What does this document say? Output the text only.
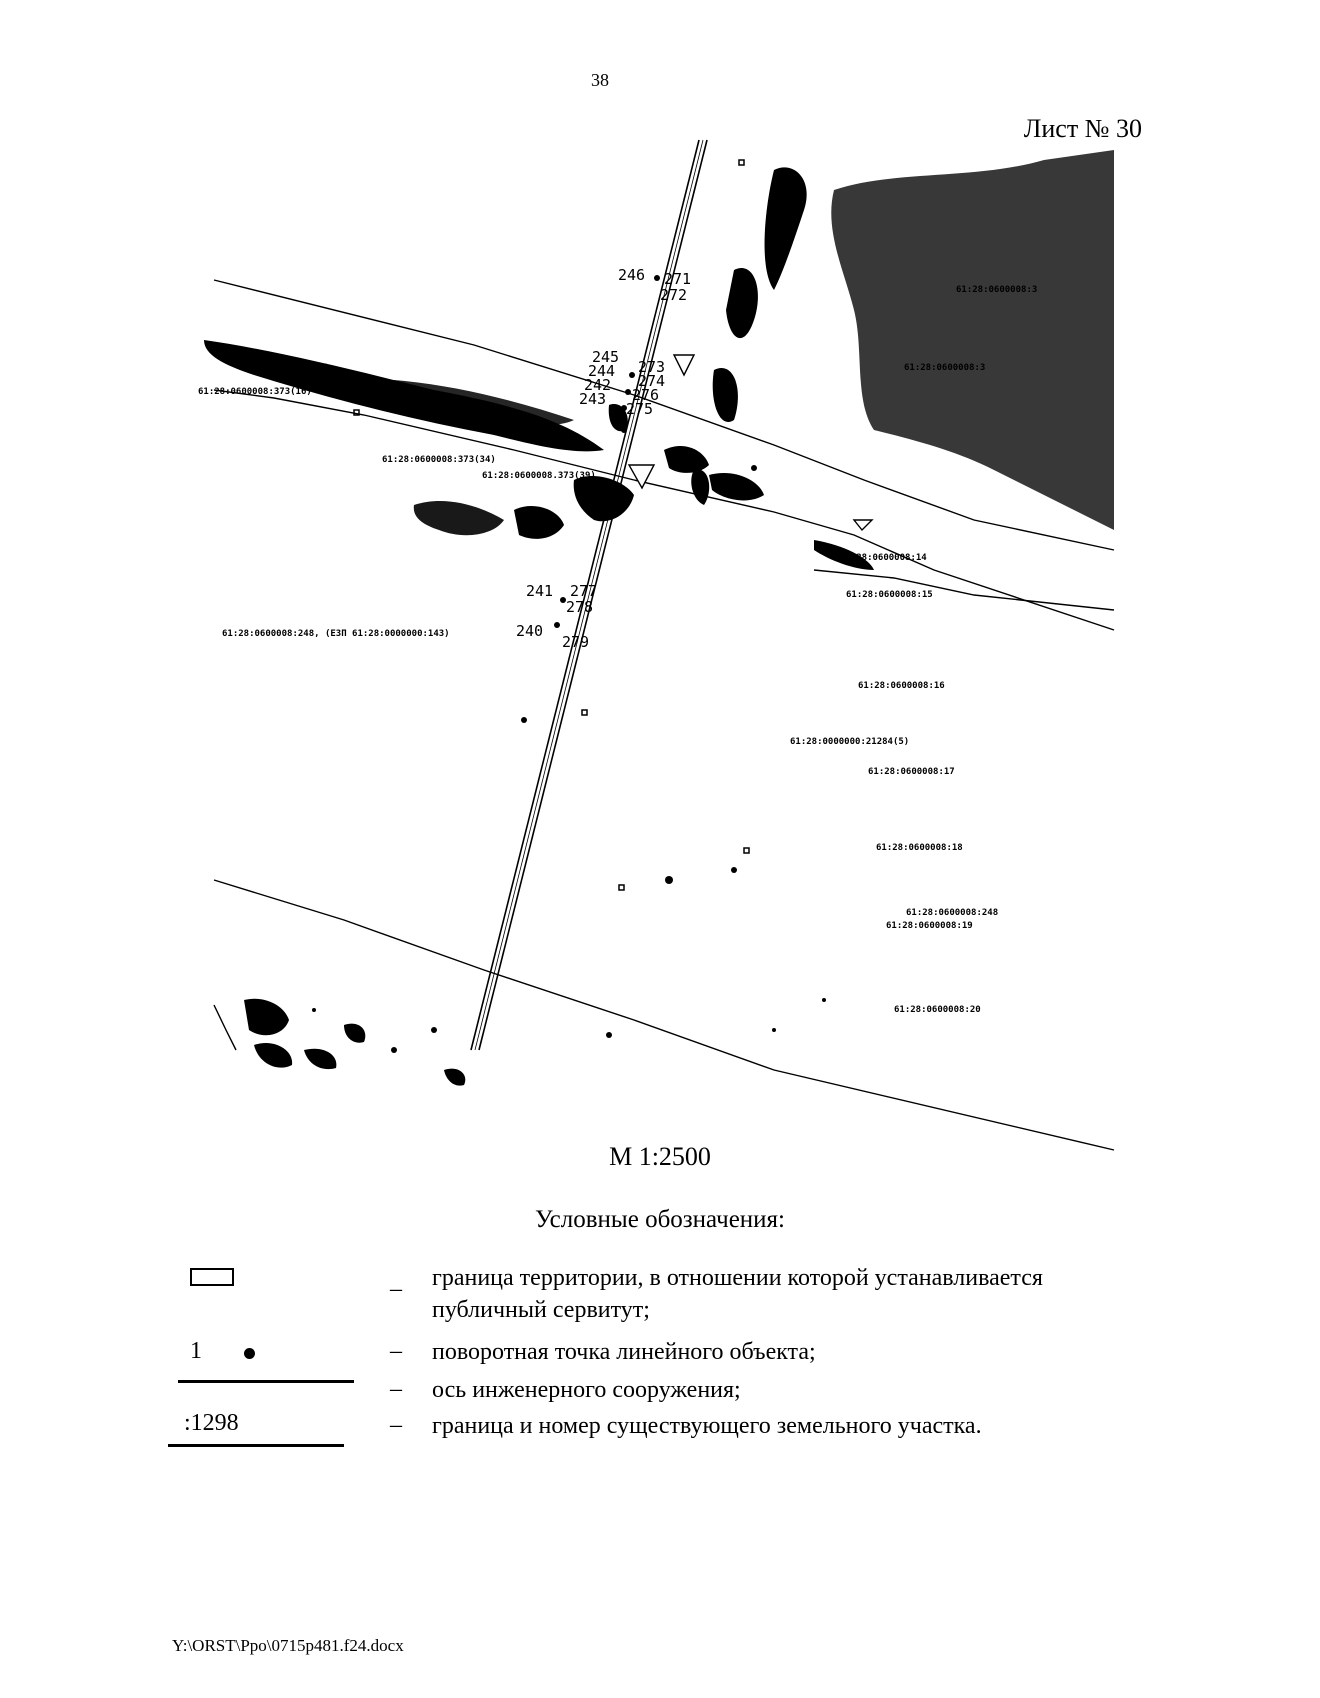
38
Лист № 30
246 271
272
245
244
242
243
273
274
276
275
241 277
278
240
279
61:28:0000000
61:28:0600008:373(16)
61:28:0600008:373(34)
61:28:0600008.373(39)
61:28:0600008:248, (ЕЗП 61:28:0000000:143)
61:28:0600008:3
61:28:0600008:3
61:28:0600008:14
61:28:0600008:15
61:28:0600008:16
61:28:0000000:21284(5)
61:28:0600008:17
61:28:0600008:18
61:28:0600008:248
61:28:0600008:19
61:28:0600008:20
М 1:2500
Условные обозначения:
– граница территории, в отношении которой устанавливается публичный сервитут;
1	– поворотная точка линейного объекта;
– ось инженерного сооружения;
:1298	– граница и номер существующего земельного участка.
Y:\ORST\Ppo\0715p481.f24.docx
